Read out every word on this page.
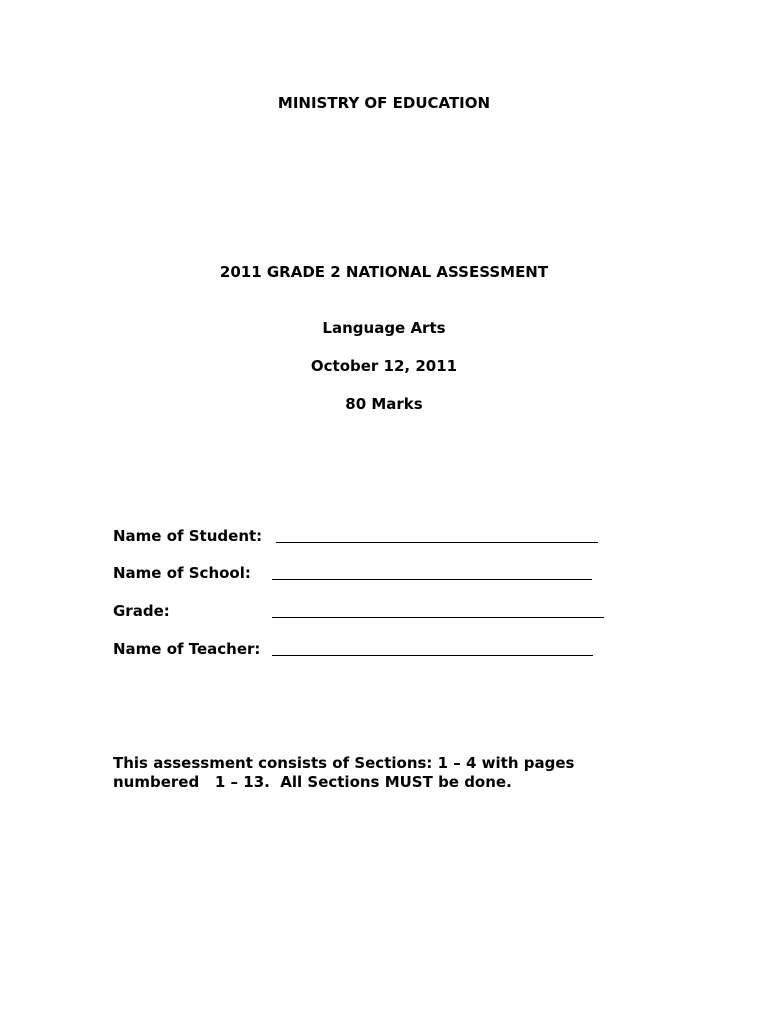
MINISTRY OF EDUCATION
2011 GRADE 2 NATIONAL ASSESSMENT
Language Arts
October 12, 2011
80 Marks
Name of Student:
Name of School:
Grade:
Name of Teacher:
This assessment consists of Sections: 1 – 4 with pages
numbered   1 – 13.  All Sections MUST be done.
